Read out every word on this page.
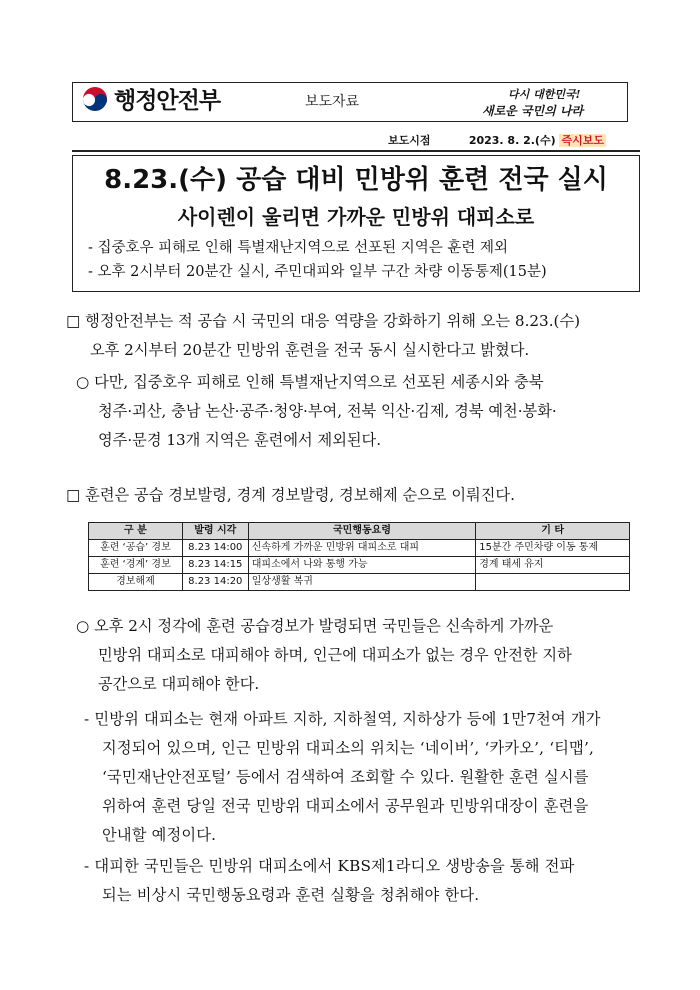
행정안전부	보도자료	다시 대한민국!
새로운 국민의 나라
보도시점	2023. 8. 2.(수) 즉시보도
8.23.(수) 공습 대비 민방위 훈련 전국 실시
사이렌이 울리면 가까운 민방위 대피소로
- 집중호우 피해로 인해 특별재난지역으로 선포된 지역은 훈련 제외
- 오후 2시부터 20분간 실시, 주민대피와 일부 구간 차량 이동통제(15분)
□ 행정안전부는 적 공습 시 국민의 대응 역량을 강화하기 위해 오는 8.23.(수)
오후 2시부터 20분간 민방위 훈련을 전국 동시 실시한다고 밝혔다.
○ 다만, 집중호우 피해로 인해 특별재난지역으로 선포된 세종시와 충북
청주·괴산, 충남 논산·공주·청양·부여, 전북 익산·김제, 경북 예천·봉화·
영주·문경 13개 지역은 훈련에서 제외된다.
□ 훈련은 공습 경보발령, 경계 경보발령, 경보해제 순으로 이뤄진다.
구 분	발령 시각	국민행동요령	기 타
훈련 ‘공습’ 경보	8.23 14:00	신속하게 가까운 민방위 대피소로 대피	15분간 주민차량 이동 통제
훈련 ‘경계’ 경보	8.23 14:15	대피소에서 나와 통행 가능	경계 태세 유지
경보해제	8.23 14:20	일상생활 복귀	
○ 오후 2시 정각에 훈련 공습경보가 발령되면 국민들은 신속하게 가까운
민방위 대피소로 대피해야 하며, 인근에 대피소가 없는 경우 안전한 지하
공간으로 대피해야 한다.
- 민방위 대피소는 현재 아파트 지하, 지하철역, 지하상가 등에 1만7천여 개가
지정되어 있으며, 인근 민방위 대피소의 위치는 ‘네이버’, ‘카카오’, ‘티맵’,
‘국민재난안전포털’ 등에서 검색하여 조회할 수 있다. 원활한 훈련 실시를
위하여 훈련 당일 전국 민방위 대피소에서 공무원과 민방위대장이 훈련을
안내할 예정이다.
- 대피한 국민들은 민방위 대피소에서 KBS제1라디오 생방송을 통해 전파
되는 비상시 국민행동요령과 훈련 실황을 청취해야 한다.
